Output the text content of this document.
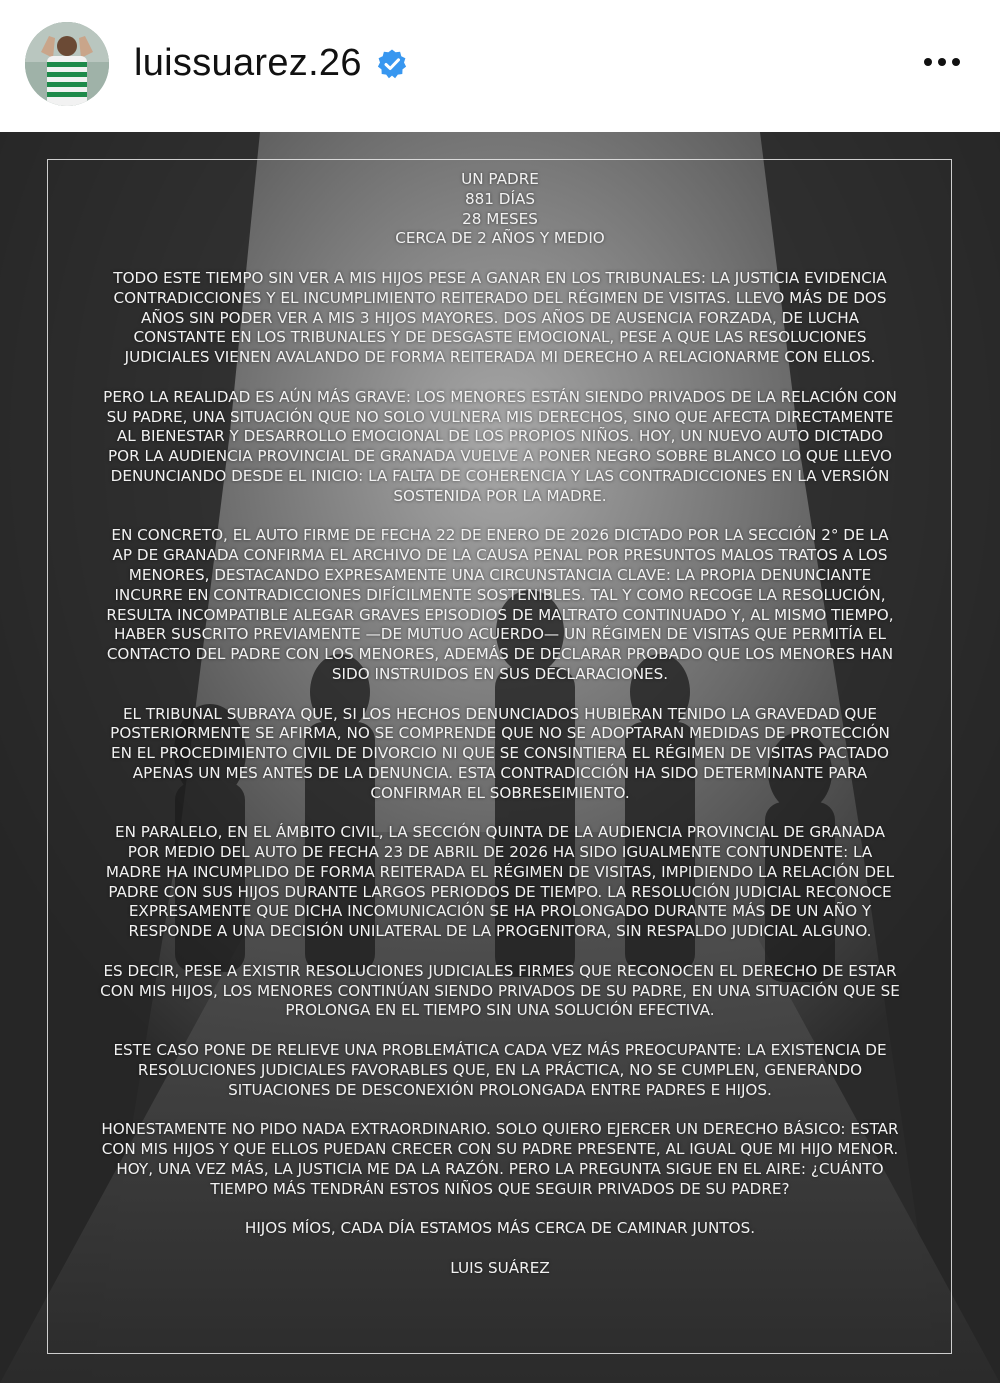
luissuarez.26

UN PADRE
881 DÍAS
28 MESES
CERCA DE 2 AÑOS Y MEDIO

TODO ESTE TIEMPO SIN VER A MIS HIJOS PESE A GANAR EN LOS TRIBUNALES: LA JUSTICIA EVIDENCIA CONTRADICCIONES Y EL INCUMPLIMIENTO REITERADO DEL RÉGIMEN DE VISITAS. LLEVO MÁS DE DOS AÑOS SIN PODER VER A MIS 3 HIJOS MAYORES. DOS AÑOS DE AUSENCIA FORZADA, DE LUCHA CONSTANTE EN LOS TRIBUNALES Y DE DESGASTE EMOCIONAL, PESE A QUE LAS RESOLUCIONES JUDICIALES VIENEN AVALANDO DE FORMA REITERADA MI DERECHO A RELACIONARME CON ELLOS.

PERO LA REALIDAD ES AÚN MÁS GRAVE: LOS MENORES ESTÁN SIENDO PRIVADOS DE LA RELACIÓN CON SU PADRE, UNA SITUACIÓN QUE NO SOLO VULNERA MIS DERECHOS, SINO QUE AFECTA DIRECTAMENTE AL BIENESTAR Y DESARROLLO EMOCIONAL DE LOS PROPIOS NIÑOS. HOY, UN NUEVO AUTO DICTADO POR LA AUDIENCIA PROVINCIAL DE GRANADA VUELVE A PONER NEGRO SOBRE BLANCO LO QUE LLEVO DENUNCIANDO DESDE EL INICIO: LA FALTA DE COHERENCIA Y LAS CONTRADICCIONES EN LA VERSIÓN SOSTENIDA POR LA MADRE.

EN CONCRETO, EL AUTO FIRME DE FECHA 22 DE ENERO DE 2026 DICTADO POR LA SECCIÓN 2° DE LA AP DE GRANADA CONFIRMA EL ARCHIVO DE LA CAUSA PENAL POR PRESUNTOS MALOS TRATOS A LOS MENORES, DESTACANDO EXPRESAMENTE UNA CIRCUNSTANCIA CLAVE: LA PROPIA DENUNCIANTE INCURRE EN CONTRADICCIONES DIFÍCILMENTE SOSTENIBLES. TAL Y COMO RECOGE LA RESOLUCIÓN, RESULTA INCOMPATIBLE ALEGAR GRAVES EPISODIOS DE MALTRATO CONTINUADO Y, AL MISMO TIEMPO, HABER SUSCRITO PREVIAMENTE —DE MUTUO ACUERDO— UN RÉGIMEN DE VISITAS QUE PERMITÍA EL CONTACTO DEL PADRE CON LOS MENORES, ADEMÁS DE DECLARAR PROBADO QUE LOS MENORES HAN SIDO INSTRUIDOS EN SUS DECLARACIONES.

EL TRIBUNAL SUBRAYA QUE, SI LOS HECHOS DENUNCIADOS HUBIERAN TENIDO LA GRAVEDAD QUE POSTERIORMENTE SE AFIRMA, NO SE COMPRENDE QUE NO SE ADOPTARAN MEDIDAS DE PROTECCIÓN EN EL PROCEDIMIENTO CIVIL DE DIVORCIO NI QUE SE CONSINTIERA EL RÉGIMEN DE VISITAS PACTADO APENAS UN MES ANTES DE LA DENUNCIA. ESTA CONTRADICCIÓN HA SIDO DETERMINANTE PARA CONFIRMAR EL SOBRESEIMIENTO.

EN PARALELO, EN EL ÁMBITO CIVIL, LA SECCIÓN QUINTA DE LA AUDIENCIA PROVINCIAL DE GRANADA POR MEDIO DEL AUTO DE FECHA 23 DE ABRIL DE 2026 HA SIDO IGUALMENTE CONTUNDENTE: LA MADRE HA INCUMPLIDO DE FORMA REITERADA EL RÉGIMEN DE VISITAS, IMPIDIENDO LA RELACIÓN DEL PADRE CON SUS HIJOS DURANTE LARGOS PERIODOS DE TIEMPO. LA RESOLUCIÓN JUDICIAL RECONOCE EXPRESAMENTE QUE DICHA INCOMUNICACIÓN SE HA PROLONGADO DURANTE MÁS DE UN AÑO Y RESPONDE A UNA DECISIÓN UNILATERAL DE LA PROGENITORA, SIN RESPALDO JUDICIAL ALGUNO.

ES DECIR, PESE A EXISTIR RESOLUCIONES JUDICIALES FIRMES QUE RECONOCEN EL DERECHO DE ESTAR CON MIS HIJOS, LOS MENORES CONTINÚAN SIENDO PRIVADOS DE SU PADRE, EN UNA SITUACIÓN QUE SE PROLONGA EN EL TIEMPO SIN UNA SOLUCIÓN EFECTIVA.

ESTE CASO PONE DE RELIEVE UNA PROBLEMÁTICA CADA VEZ MÁS PREOCUPANTE: LA EXISTENCIA DE RESOLUCIONES JUDICIALES FAVORABLES QUE, EN LA PRÁCTICA, NO SE CUMPLEN, GENERANDO SITUACIONES DE DESCONEXIÓN PROLONGADA ENTRE PADRES E HIJOS.

HONESTAMENTE NO PIDO NADA EXTRAORDINARIO. SOLO QUIERO EJERCER UN DERECHO BÁSICO: ESTAR CON MIS HIJOS Y QUE ELLOS PUEDAN CRECER CON SU PADRE PRESENTE, AL IGUAL QUE MI HIJO MENOR. HOY, UNA VEZ MÁS, LA JUSTICIA ME DA LA RAZÓN. PERO LA PREGUNTA SIGUE EN EL AIRE: ¿CUÁNTO TIEMPO MÁS TENDRÁN ESTOS NIÑOS QUE SEGUIR PRIVADOS DE SU PADRE?

HIJOS MÍOS, CADA DÍA ESTAMOS MÁS CERCA DE CAMINAR JUNTOS.

LUIS SUÁREZ
